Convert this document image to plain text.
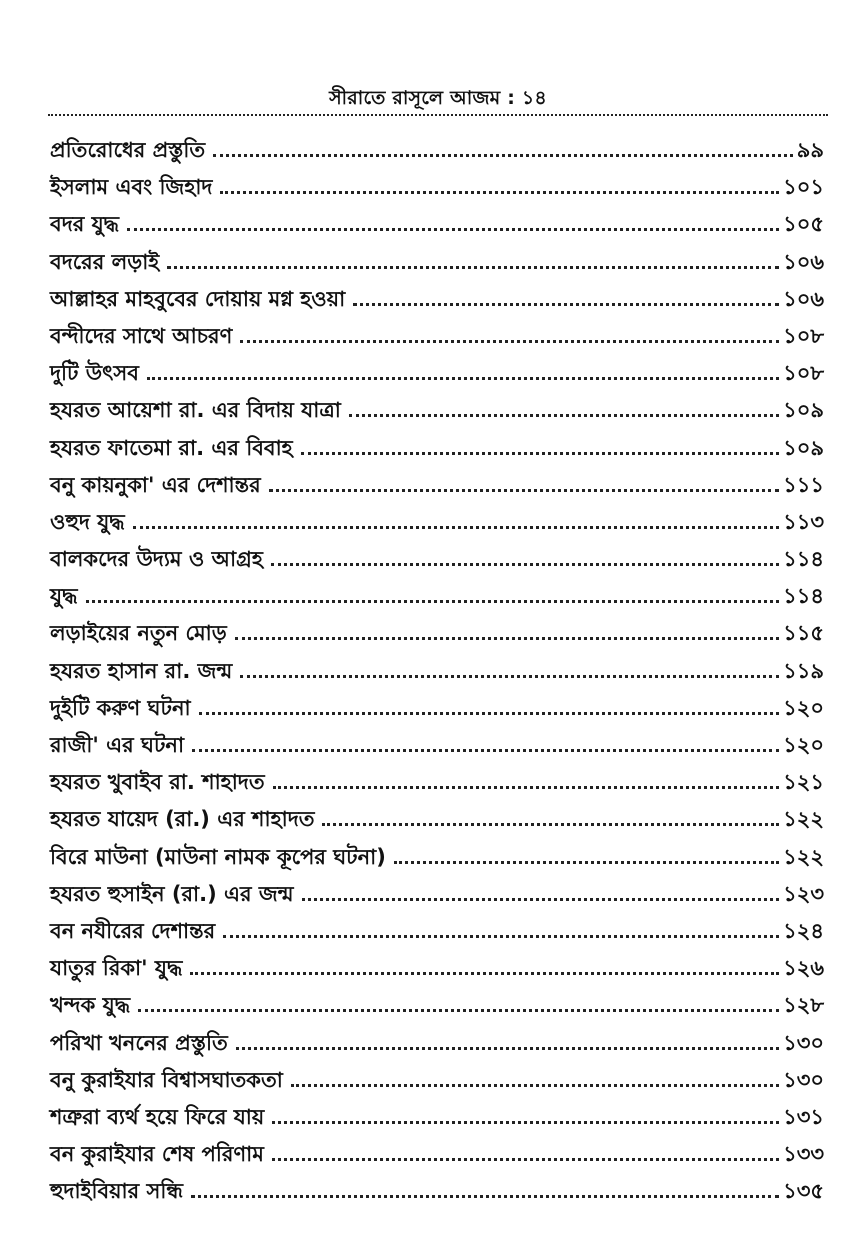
সীরাতে রাসূলে আজম : ১৪
প্রতিরোধের প্রস্তুতি	৯৯
ইসলাম এবং জিহাদ	১০১
বদর যুদ্ধ	১০৫
বদরের লড়াই	১০৬
আল্লাহর মাহবুবের দোয়ায় মগ্ন হওয়া	১০৬
বন্দীদের সাথে আচরণ	১০৮
দুটি উৎসব	১০৮
হযরত আয়েশা রা. এর বিদায় যাত্রা	১০৯
হযরত ফাতেমা রা. এর বিবাহ	১০৯
বনু কায়নুকা' এর দেশান্তর	১১১
ওহুদ যুদ্ধ	১১৩
বালকদের উদ্যম ও আগ্রহ	১১৪
যুদ্ধ	১১৪
লড়াইয়ের নতুন মোড়	১১৫
হযরত হাসান রা. জন্ম	১১৯
দুইটি করুণ ঘটনা	১২০
রাজী' এর ঘটনা	১২০
হযরত খুবাইব রা. শাহাদত	১২১
হযরত যায়েদ (রা.) এর শাহাদত	১২২
বিরে মাউনা (মাউনা নামক কূপের ঘটনা)	১২২
হযরত হুসাইন (রা.) এর জন্ম	১২৩
বন নযীরের দেশান্তর	১২৪
যাতুর রিকা' যুদ্ধ	১২৬
খন্দক যুদ্ধ	১২৮
পরিখা খননের প্রস্তুতি	১৩০
বনু কুরাইযার বিশ্বাসঘাতকতা	১৩০
শত্রুরা ব্যর্থ হয়ে ফিরে যায়	১৩১
বন কুরাইযার শেষ পরিণাম	১৩৩
হুদাইবিয়ার সন্ধি	১৩৫
